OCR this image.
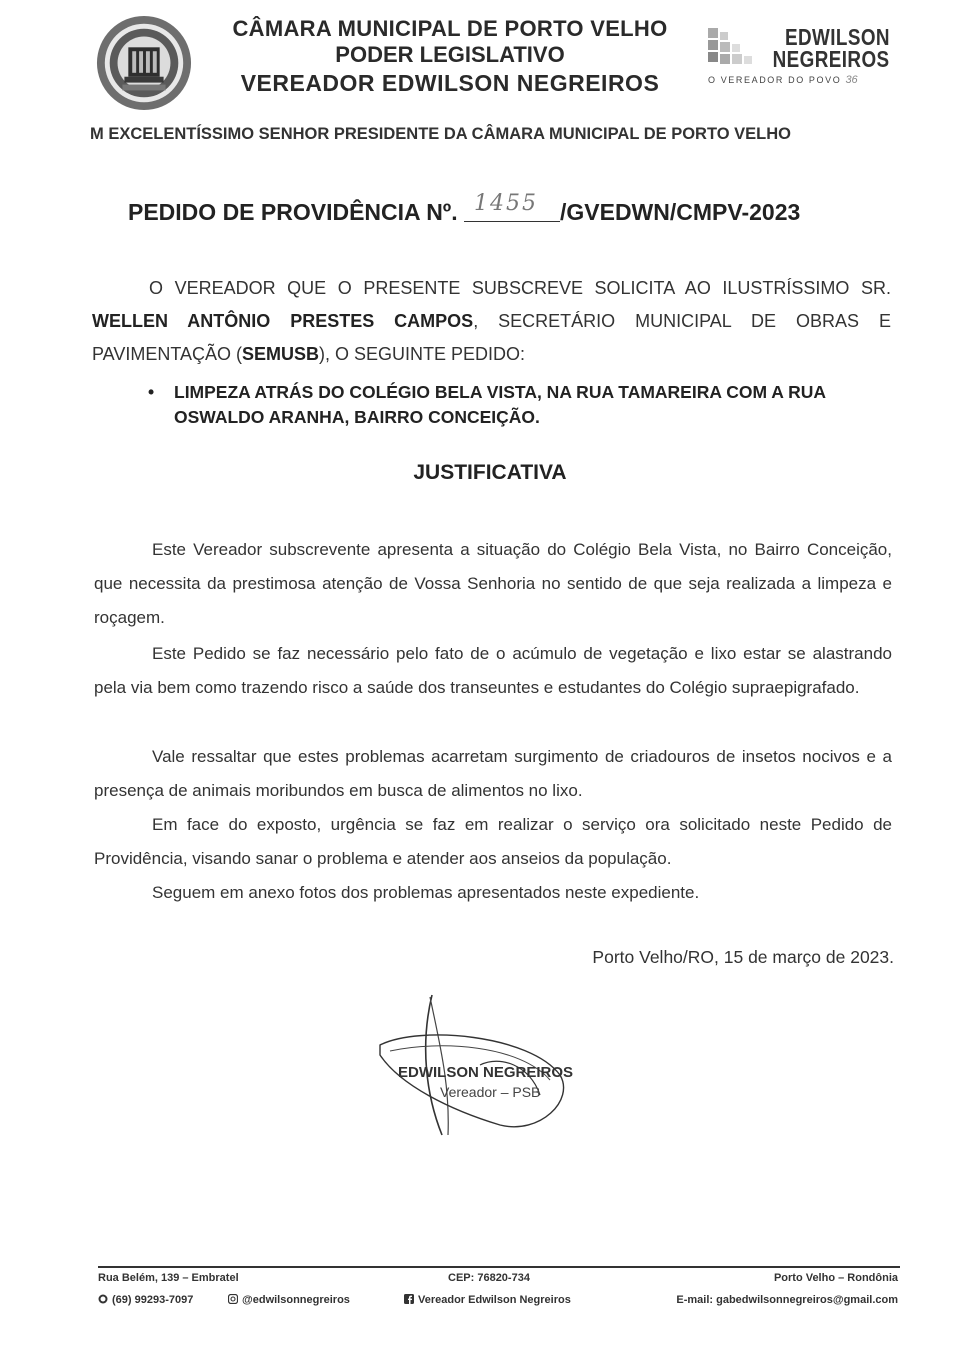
CÂMARA MUNICIPAL DE PORTO VELHO
PODER LEGISLATIVO
VEREADOR EDWILSON NEGREIROS
EDWILSON
NEGREIROS
O VEREADOR DO POVO 36
M EXCELENTÍSSIMO SENHOR PRESIDENTE DA CÂMARA MUNICIPAL DE PORTO VELHO
PEDIDO DE PROVIDÊNCIA Nº. 1455 /GVEDWN/CMPV-2023
O VEREADOR QUE O PRESENTE SUBSCREVE SOLICITA AO ILUSTRÍSSIMO SR. WELLEN ANTÔNIO PRESTES CAMPOS, SECRETÁRIO MUNICIPAL DE OBRAS E PAVIMENTAÇÃO (SEMUSB), O SEGUINTE PEDIDO:
• LIMPEZA ATRÁS DO COLÉGIO BELA VISTA, NA RUA TAMAREIRA COM A RUA OSWALDO ARANHA, BAIRRO CONCEIÇÃO.
JUSTIFICATIVA
Este Vereador subscrevente apresenta a situação do Colégio Bela Vista, no Bairro Conceição, que necessita da prestimosa atenção de Vossa Senhoria no sentido de que seja realizada a limpeza e roçagem.
Este Pedido se faz necessário pelo fato de o acúmulo de vegetação e lixo estar se alastrando pela via bem como trazendo risco a saúde dos transeuntes e estudantes do Colégio supraepigrafado.
Vale ressaltar que estes problemas acarretam surgimento de criadouros de insetos nocivos e a presença de animais moribundos em busca de alimentos no lixo.
Em face do exposto, urgência se faz em realizar o serviço ora solicitado neste Pedido de Providência, visando sanar o problema e atender aos anseios da população.
Seguem em anexo fotos dos problemas apresentados neste expediente.
Porto Velho/RO, 15 de março de 2023.
EDWILSON NEGREIROS
Vereador – PSB
Rua Belém, 139 – Embratel	CEP: 76820-734	Porto Velho – Rondônia
(69) 99293-7097	@edwilsonnegreiros	Vereador Edwilson Negreiros	E-mail: gabedwilsonnegreiros@gmail.com
